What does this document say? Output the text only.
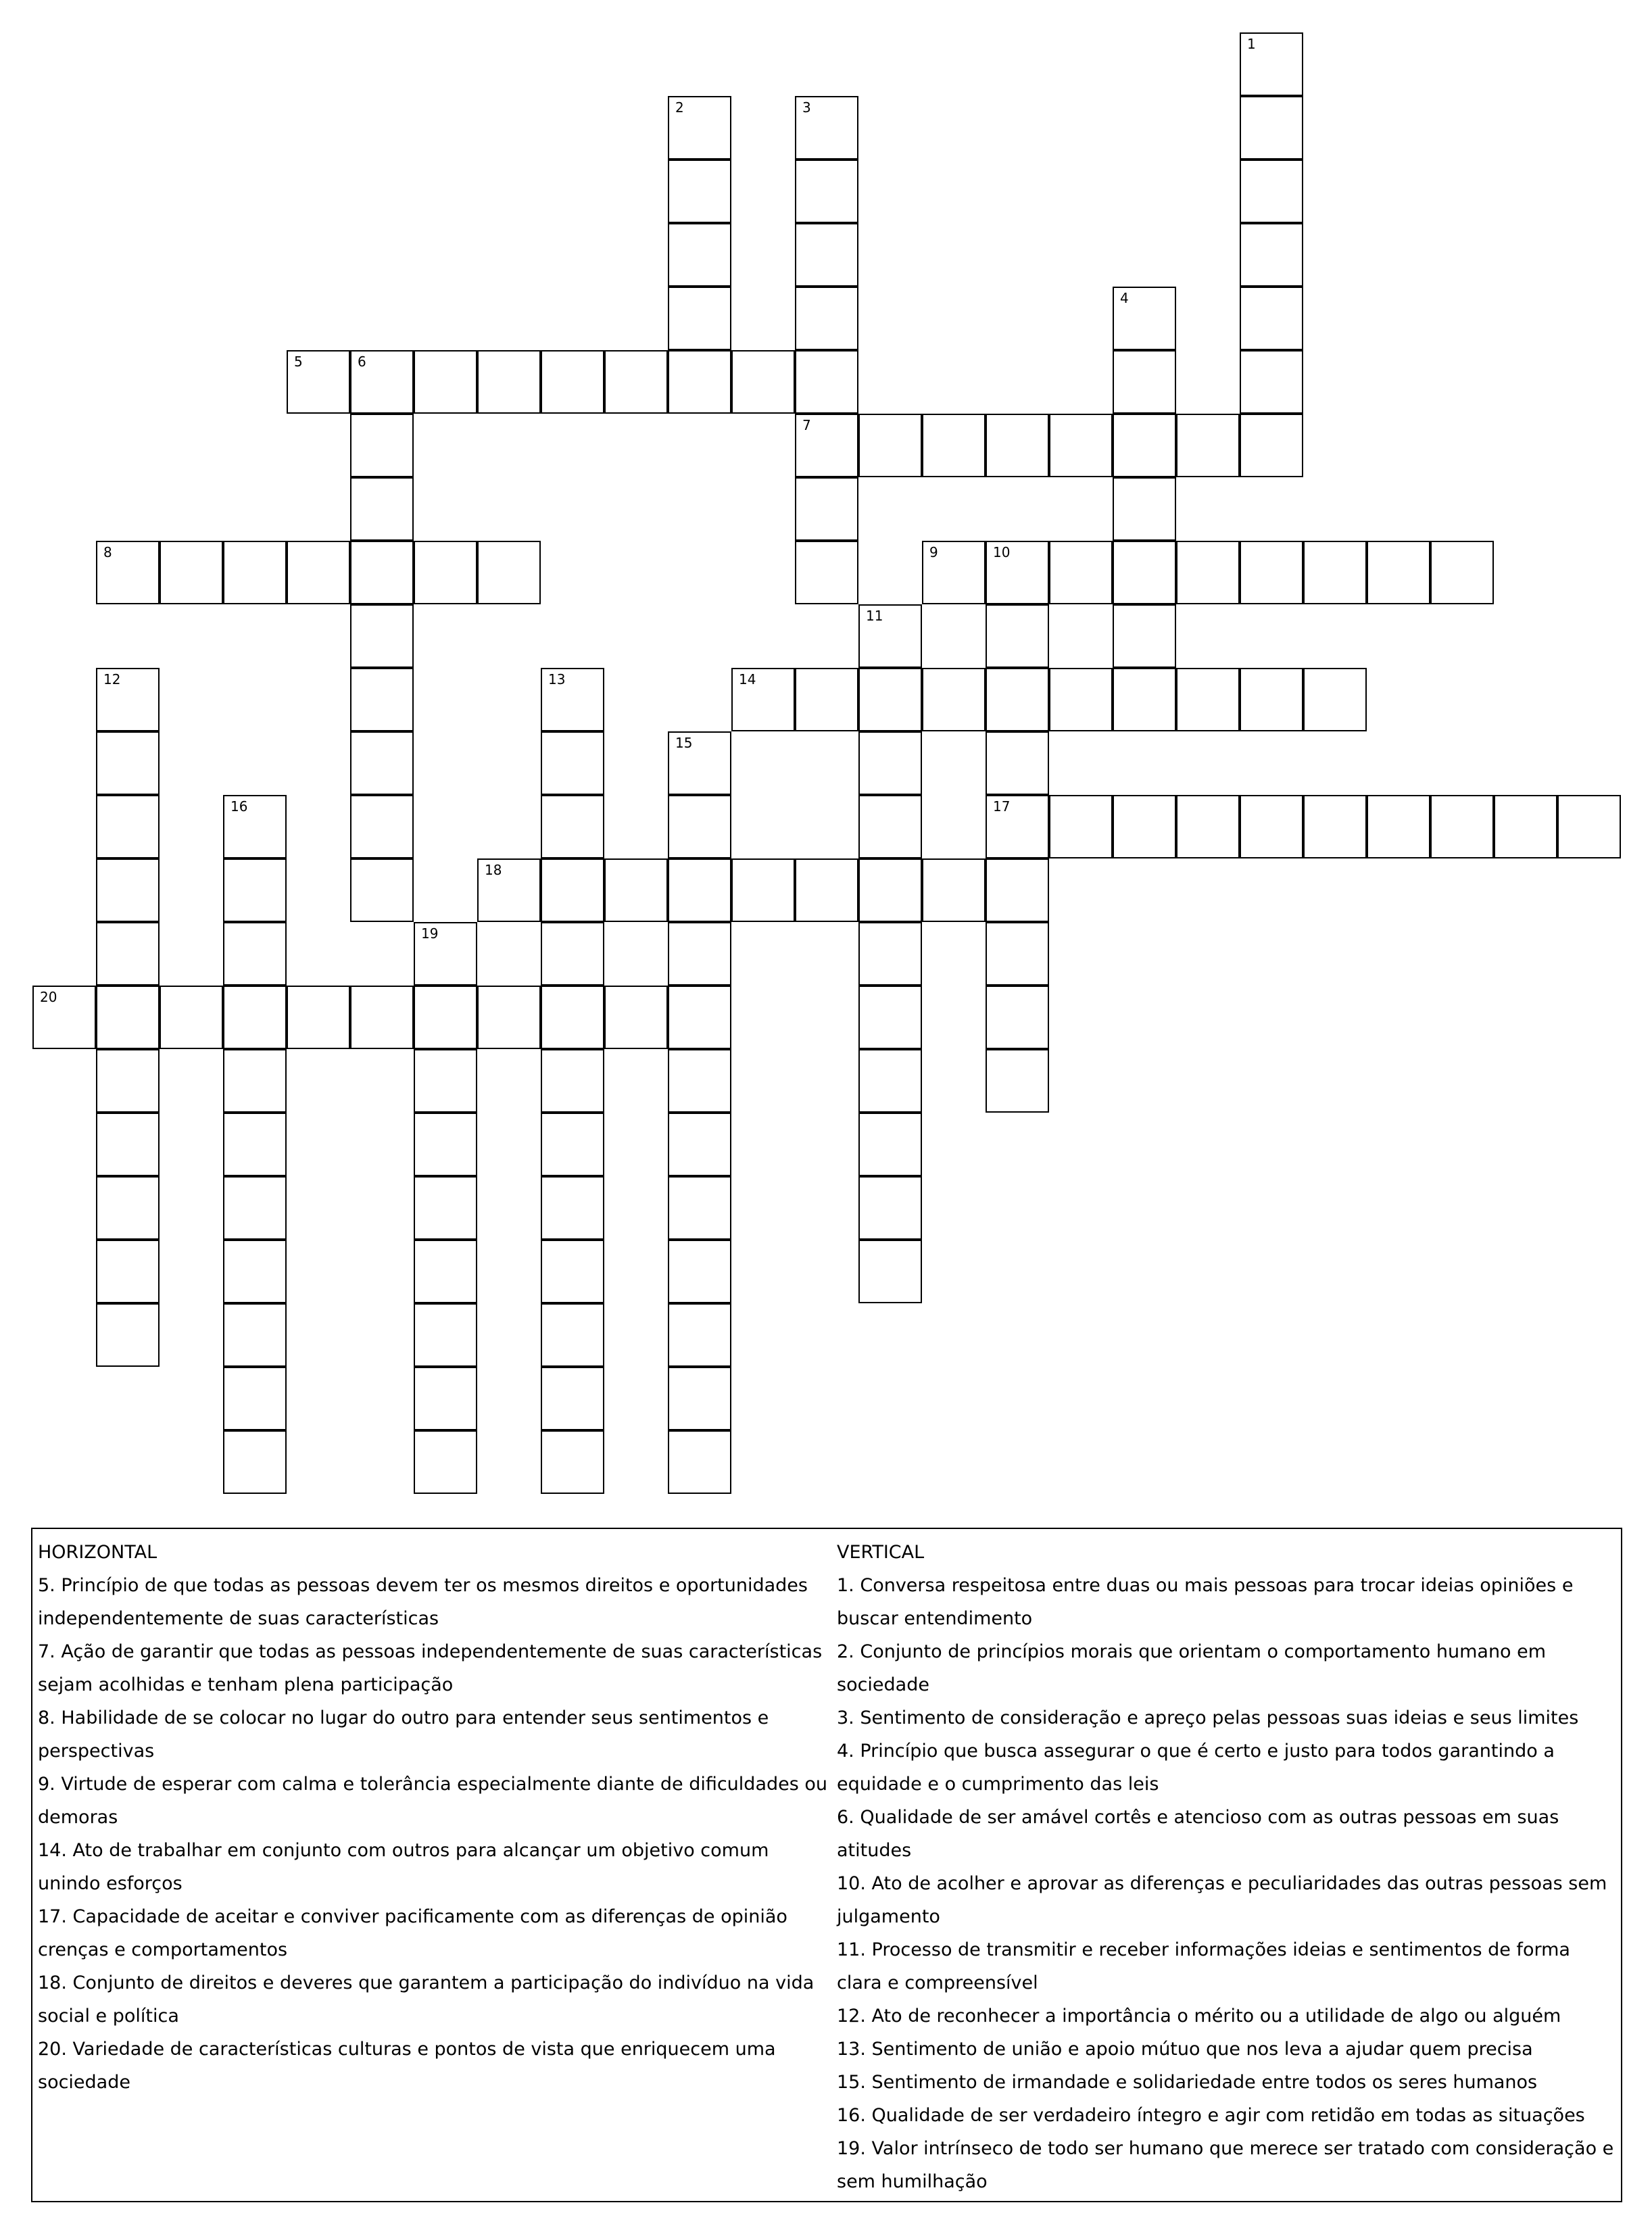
5	6
7
8	9	10
14
17
18
20
1
2	3
4
11
12	13
15
16
19

HORIZONTAL

5. Princípio de que todas as pessoas devem ter os mesmos direitos e oportunidades independentemente de suas características

7. Ação de garantir que todas as pessoas independentemente de suas características sejam acolhidas e tenham plena participação

8. Habilidade de se colocar no lugar do outro para entender seus sentimentos e perspectivas

9. Virtude de esperar com calma e tolerância especialmente diante de dificuldades ou demoras

14. Ato de trabalhar em conjunto com outros para alcançar um objetivo comum unindo esforços

17. Capacidade de aceitar e conviver pacificamente com as diferenças de opinião crenças e comportamentos

18. Conjunto de direitos e deveres que garantem a participação do indivíduo na vida social e política

20. Variedade de características culturas e pontos de vista que enriquecem uma sociedade

VERTICAL

1. Conversa respeitosa entre duas ou mais pessoas para trocar ideias opiniões e buscar entendimento

2. Conjunto de princípios morais que orientam o comportamento humano em sociedade

3. Sentimento de consideração e apreço pelas pessoas suas ideias e seus limites

4. Princípio que busca assegurar o que é certo e justo para todos garantindo a equidade e o cumprimento das leis

6. Qualidade de ser amável cortês e atencioso com as outras pessoas em suas atitudes

10. Ato de acolher e aprovar as diferenças e peculiaridades das outras pessoas sem julgamento

11. Processo de transmitir e receber informações ideias e sentimentos de forma clara e compreensível

12. Ato de reconhecer a importância o mérito ou a utilidade de algo ou alguém

13. Sentimento de união e apoio mútuo que nos leva a ajudar quem precisa

15. Sentimento de irmandade e solidariedade entre todos os seres humanos

16. Qualidade de ser verdadeiro íntegro e agir com retidão em todas as situações

19. Valor intrínseco de todo ser humano que merece ser tratado com consideração e sem humilhação
